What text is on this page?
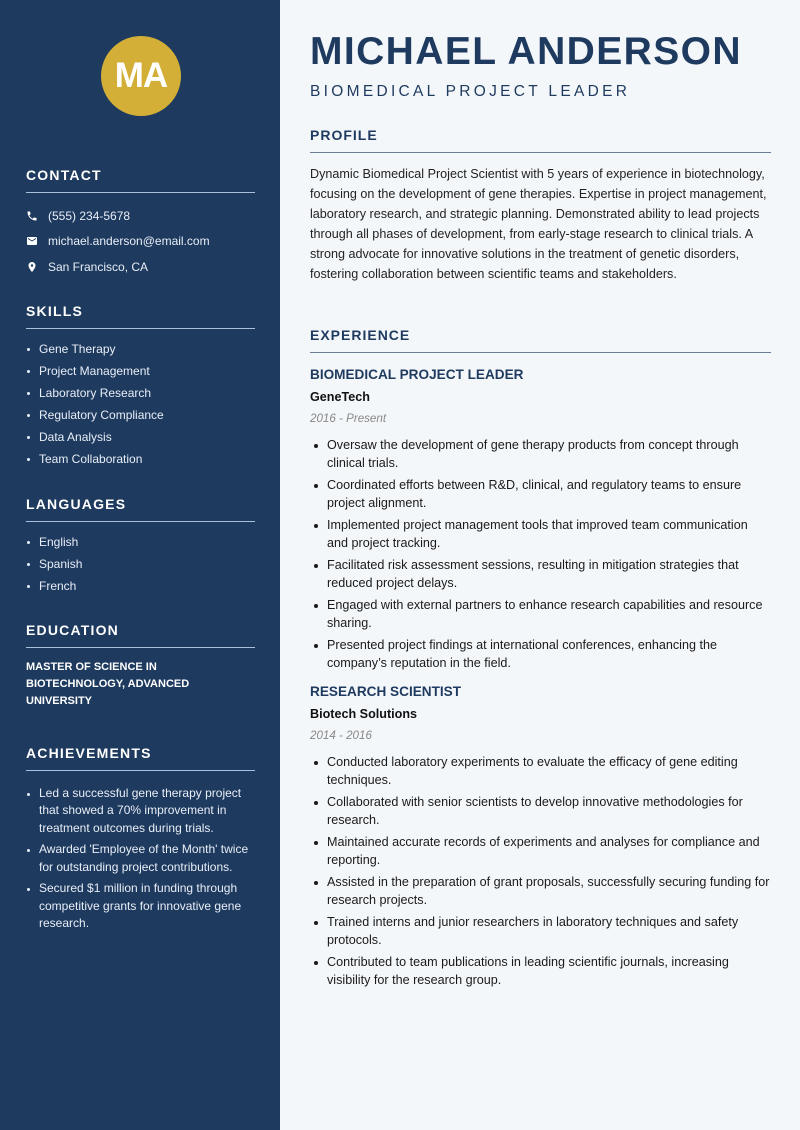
MA
CONTACT
(555) 234-5678
michael.anderson@email.com
San Francisco, CA
SKILLS
Gene Therapy
Project Management
Laboratory Research
Regulatory Compliance
Data Analysis
Team Collaboration
LANGUAGES
English
Spanish
French
EDUCATION
MASTER OF SCIENCE IN BIOTECHNOLOGY, ADVANCED UNIVERSITY
ACHIEVEMENTS
Led a successful gene therapy project that showed a 70% improvement in treatment outcomes during trials.
Awarded 'Employee of the Month' twice for outstanding project contributions.
Secured $1 million in funding through competitive grants for innovative gene research.
MICHAEL ANDERSON
BIOMEDICAL PROJECT LEADER
PROFILE

Dynamic Biomedical Project Scientist with 5 years of experience in biotechnology, focusing on the development of gene therapies. Expertise in project management, laboratory research, and strategic planning. Demonstrated ability to lead projects through all phases of development, from early-stage research to clinical trials. A strong advocate for innovative solutions in the treatment of genetic disorders, fostering collaboration between scientific teams and stakeholders.

EXPERIENCE
BIOMEDICAL PROJECT LEADER
GeneTech
2016 - Present
Oversaw the development of gene therapy products from concept through clinical trials.
Coordinated efforts between R&D, clinical, and regulatory teams to ensure project alignment.
Implemented project management tools that improved team communication and project tracking.
Facilitated risk assessment sessions, resulting in mitigation strategies that reduced project delays.
Engaged with external partners to enhance research capabilities and resource sharing.
Presented project findings at international conferences, enhancing the company’s reputation in the field.
RESEARCH SCIENTIST
Biotech Solutions
2014 - 2016
Conducted laboratory experiments to evaluate the efficacy of gene editing techniques.
Collaborated with senior scientists to develop innovative methodologies for research.
Maintained accurate records of experiments and analyses for compliance and reporting.
Assisted in the preparation of grant proposals, successfully securing funding for research projects.
Trained interns and junior researchers in laboratory techniques and safety protocols.
Contributed to team publications in leading scientific journals, increasing visibility for the research group.
